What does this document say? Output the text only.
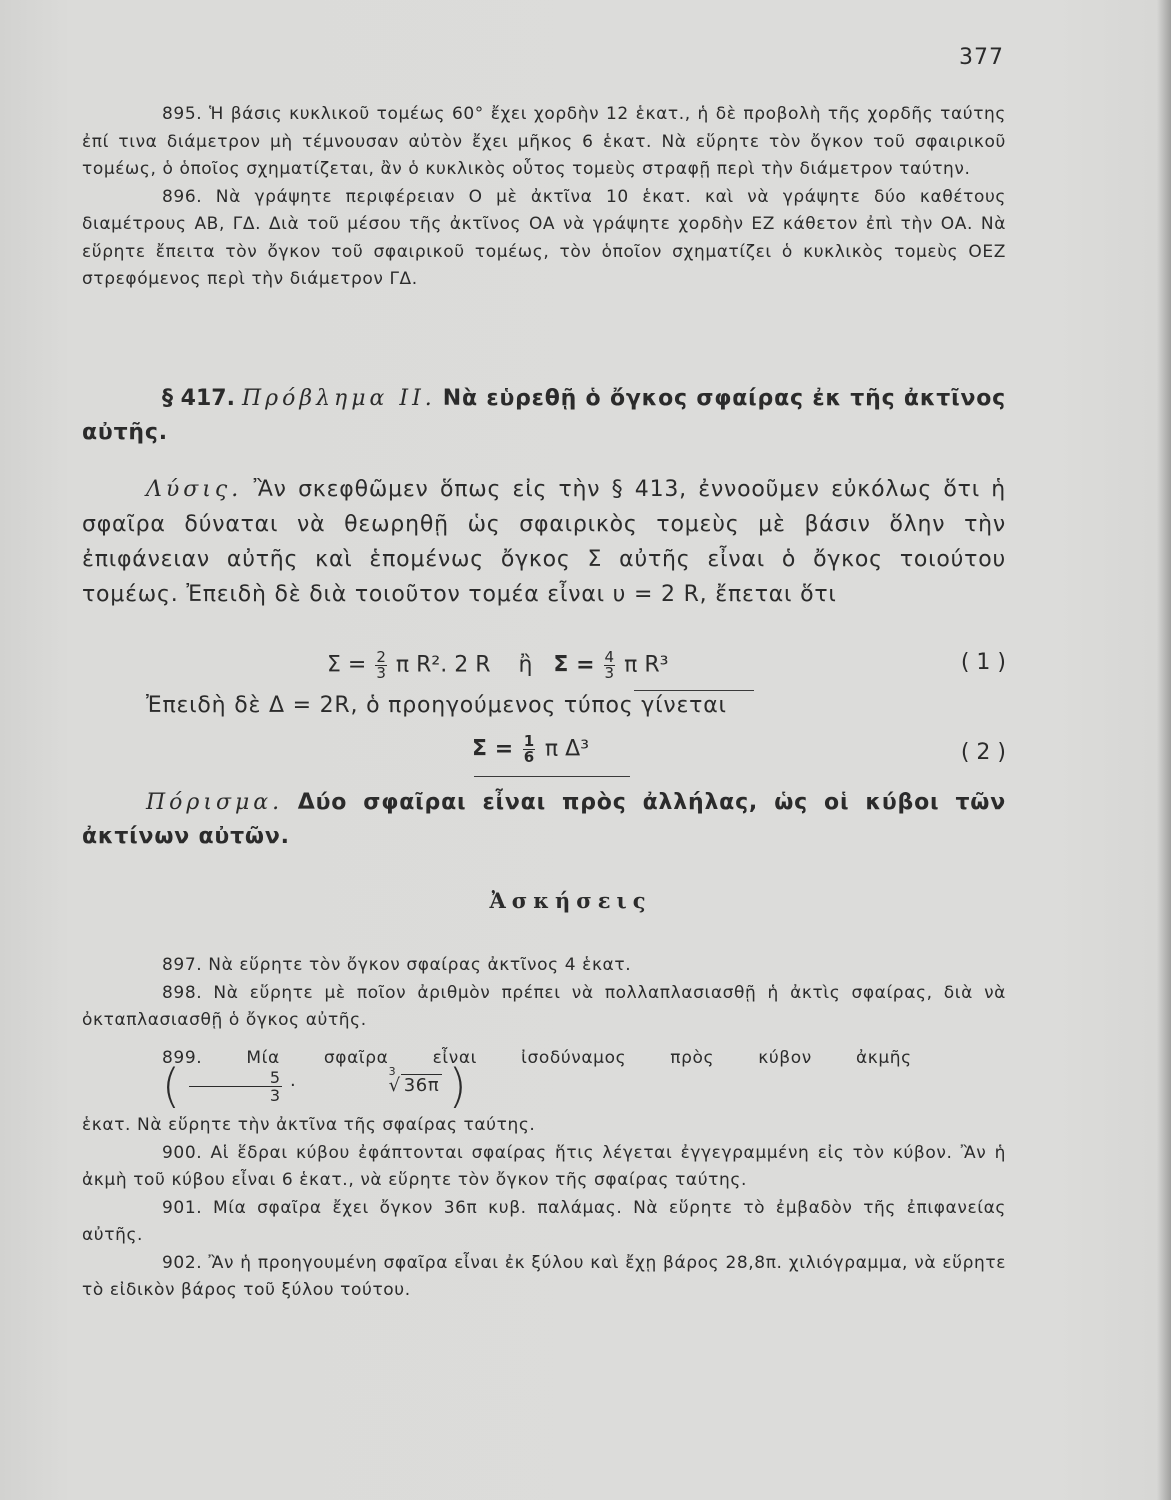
377

895. Ἡ βάσις κυκλικοῦ τομέως 60° ἔχει χορδὴν 12 ἑκατ., ἡ δὲ προβολὴ τῆς χορδῆς ταύτης ἐπί τινα διάμετρον μὴ τέμνουσαν αὐτὸν ἔχει μῆκος 6 ἑκατ. Νὰ εὕρητε τὸν ὄγκον τοῦ σφαιρικοῦ τομέως, ὁ ὁποῖος σχηματίζεται, ἂν ὁ κυκλικὸς οὗτος τομεὺς στραφῇ περὶ τὴν διάμετρον ταύτην.

896. Νὰ γράψητε περιφέρειαν Ο μὲ ἀκτῖνα 10 ἑκατ. καὶ νὰ γράψητε δύο καθέτους διαμέτρους ΑΒ, ΓΔ. Διὰ τοῦ μέσου τῆς ἀκτῖνος ΟΑ νὰ γράψητε χορδὴν ΕΖ κάθετον ἐπὶ τὴν ΟΑ. Νὰ εὕρητε ἔπειτα τὸν ὄγκον τοῦ σφαιρικοῦ τομέως, τὸν ὁποῖον σχηματίζει ὁ κυκλικὸς τομεὺς ΟΕΖ στρεφόμενος περὶ τὴν διάμετρον ΓΔ.

§ 417. Πρόβλημα ΙΙ. Νὰ εὑρεθῇ ὁ ὄγκος σφαίρας ἐκ τῆς ἀκτῖνος αὐτῆς.

Λύσις. Ἂν σκεφθῶμεν ὅπως εἰς τὴν § 413, ἐννοοῦμεν εὐκόλως ὅτι ἡ σφαῖρα δύναται νὰ θεωρηθῇ ὡς σφαιρικὸς τομεὺς μὲ βάσιν ὅλην τὴν ἐπιφάνειαν αὐτῆς καὶ ἑπομένως ὄγκος Σ αὐτῆς εἶναι ὁ ὄγκος τοιούτου τομέως. Ἐπειδὴ δὲ διὰ τοιοῦτον τομέα εἶναι υ = 2 R, ἔπεται ὅτι

$\Sigma = \frac{2}{3}$ π R². 2 R ἢ $\Sigma = \frac{4}{3}$ π R³	( 1 )
Ἐπειδὴ δὲ Δ = 2R, ὁ προηγούμενος τύπος γίνεται
$\Sigma = \frac{1}{6}$ π Δ³	( 2 )

Πόρισμα. Δύο σφαῖραι εἶναι πρὸς ἀλλήλας, ὡς οἱ κύβοι τῶν ἀκτίνων αὐτῶν.

Ἀσκήσεις

897. Νὰ εὕρητε τὸν ὄγκον σφαίρας ἀκτῖνος 4 ἑκατ.

898. Νὰ εὕρητε μὲ ποῖον ἀριθμὸν πρέπει νὰ πολλαπλασιασθῇ ἡ ἀκτὶς σφαίρας, διὰ νὰ ὀκταπλασιασθῇ ὁ ὄγκος αὐτῆς.

899. Μία σφαῖρα εἶναι ἰσοδύναμος πρὸς κύβον ἀκμῆς    ( $\frac{5}{3}$ ·
3
√ 36π )

ἑκατ. Νὰ εὕρητε τὴν ἀκτῖνα τῆς σφαίρας ταύτης.

900. Αἱ ἕδραι κύβου ἐφάπτονται σφαίρας ἥτις λέγεται ἐγγεγραμμένη εἰς τὸν κύβον. Ἂν ἡ ἀκμὴ τοῦ κύβου εἶναι 6 ἑκατ., νὰ εὕρητε τὸν ὄγκον τῆς σφαίρας ταύτης.

901. Μία σφαῖρα ἔχει ὄγκον 36π κυβ. παλάμας. Νὰ εὕρητε τὸ ἐμβαδὸν τῆς ἐπιφανείας αὐτῆς.

902. Ἂν ἡ προηγουμένη σφαῖρα εἶναι ἐκ ξύλου καὶ ἔχῃ βάρος 28,8π. χιλιόγραμμα, νὰ εὕρητε τὸ εἰδικὸν βάρος τοῦ ξύλου τούτου.
